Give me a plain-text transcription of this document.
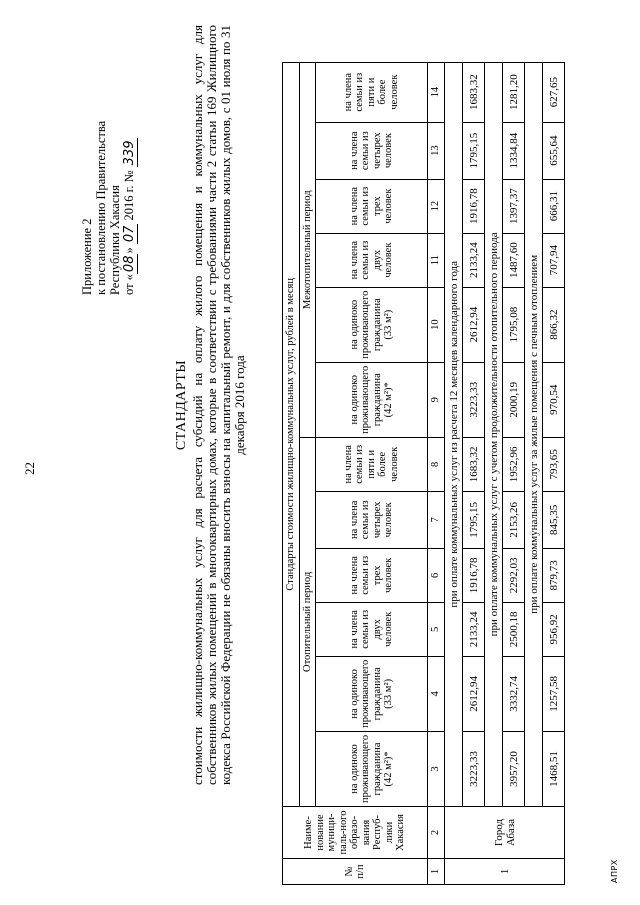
22
Приложение 2 к постановлению Правительства Республики Хакасия от «08» 07 2016 г. № 339
СТАНДАРТЫ стоимости жилищно-коммунальных услуг для расчета субсидий на оплату жилого помещения и коммунальных услуг для собственников жилых помещений в многоквартирных домах, которые в соответствии с требованиями части 2 статьи 169 Жилищного кодекса Российской Федерации не обязаны вносить взносы на капитальный ремонт, и для собственников жилых домов, с 01 июля по 31 декабря 2016 года
№ п/п	Наиме-нование муници-паль-ного образо-вания Респуб-лики Хакасия	Стандарты стоимости жилищно-коммунальных услуг, рублей в месяц											
		Отопительный период						Межотопительный период					
		на одиноко проживающего гражданина (42 м²)*	на одиноко проживающего гражданина (33 м²)	на члена семьи из двух человек	на члена семьи из трех человек	на члена семьи из четырех человек	на члена семьи из пяти и более человек	на одиноко проживающего гражданина (42 м²)*	на одиноко проживающего гражданина (33 м²)	на члена семьи из двух человек	на члена семьи из трех человек	на члена семьи из четырех человек	на члена семьи из пяти и более человек
1	2	3	4	5	6	7	8	9	10	11	12	13	14
1	Город Абаза	при оплате коммунальных услуг из расчета 12 месяцев календарного года											
		3223,33	2612,94	2133,24	1916,78	1795,15	1683,32	3223,33	2612,94	2133,24	1916,78	1795,15	1683,32
		при оплате коммунальных услуг с учетом продолжительности отопительного периода											
		3957,20	3332,74	2500,18	2292,03	2153,26	1952,96	2000,19	1795,08	1487,60	1397,37	1334,84	1281,20
		при оплате коммунальных услуг за жилые помещения с печным отоплением											
		1468,51	1257,58	956,92	879,73	845,35	793,65	970,54	866,32	707,94	666,31	655,64	627,65
АПРХ
